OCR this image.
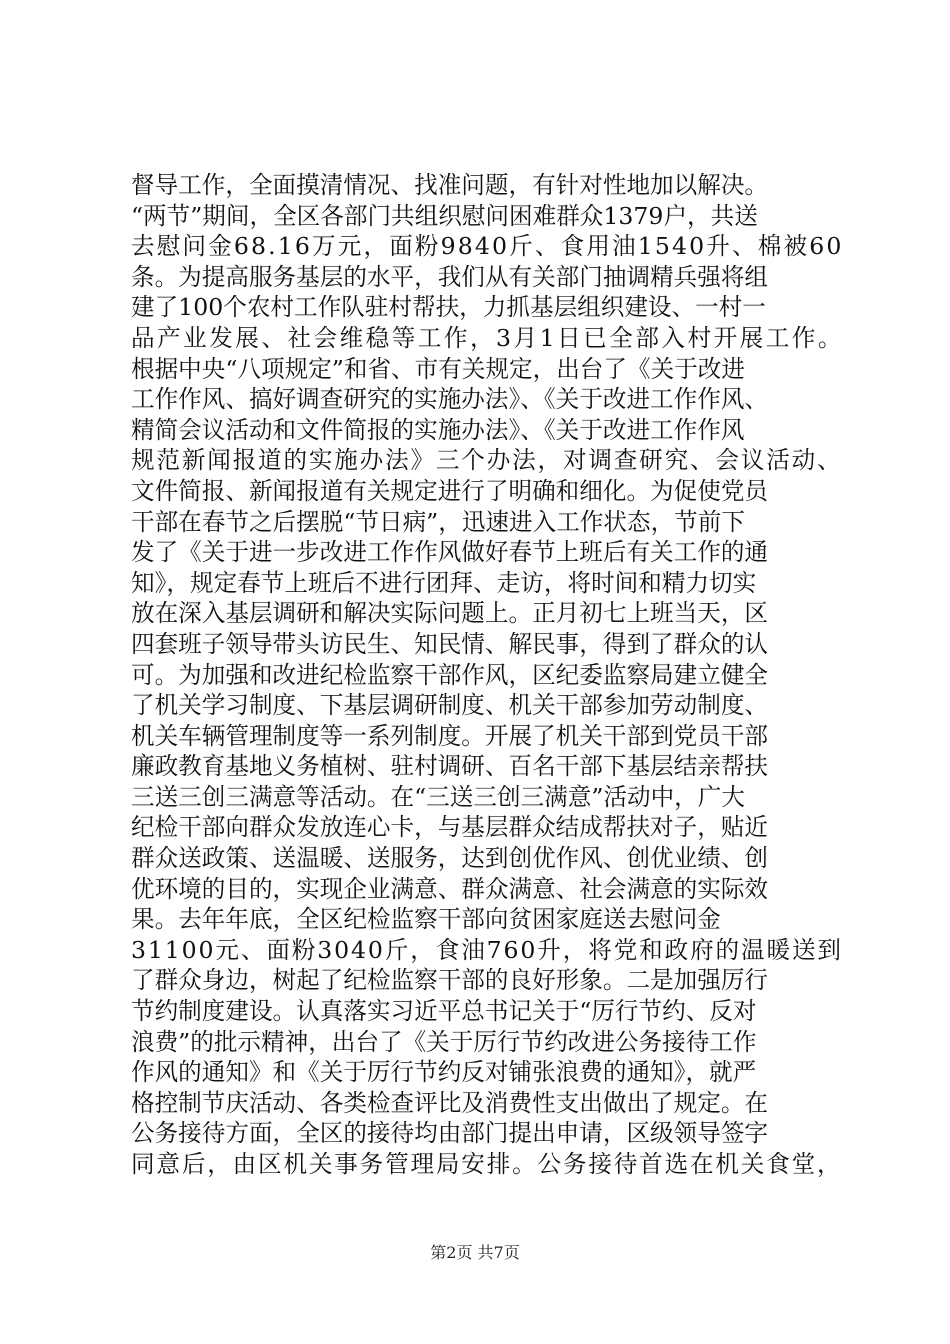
督导工作，全面摸清情况、找准问题，有针对性地加以解决。
“两节”期间，全区各部门共组织慰问困难群众1379户，共送
去慰问金68.16万元，面粉9840斤、食用油1540升、棉被60
条。为提高服务基层的水平，我们从有关部门抽调精兵强将组
建了100个农村工作队驻村帮扶，力抓基层组织建设、一村一
品产业发展、社会维稳等工作，3月1日已全部入村开展工作。
根据中央“八项规定”和省、市有关规定，出台了《关于改进
工作作风、搞好调查研究的实施办法》、《关于改进工作作风、
精简会议活动和文件简报的实施办法》、《关于改进工作作风
规范新闻报道的实施办法》三个办法，对调查研究、会议活动、
文件简报、新闻报道有关规定进行了明确和细化。为促使党员
干部在春节之后摆脱“节日病”，迅速进入工作状态，节前下
发了《关于进一步改进工作作风做好春节上班后有关工作的通
知》，规定春节上班后不进行团拜、走访，将时间和精力切实
放在深入基层调研和解决实际问题上。正月初七上班当天，区
四套班子领导带头访民生、知民情、解民事，得到了群众的认
可。为加强和改进纪检监察干部作风，区纪委监察局建立健全
了机关学习制度、下基层调研制度、机关干部参加劳动制度、
机关车辆管理制度等一系列制度。开展了机关干部到党员干部
廉政教育基地义务植树、驻村调研、百名干部下基层结亲帮扶
三送三创三满意等活动。在“三送三创三满意”活动中，广大
纪检干部向群众发放连心卡，与基层群众结成帮扶对子，贴近
群众送政策、送温暖、送服务，达到创优作风、创优业绩、创
优环境的目的，实现企业满意、群众满意、社会满意的实际效
果。去年年底，全区纪检监察干部向贫困家庭送去慰问金
31100元、面粉3040斤，食油760升，将党和政府的温暖送到
了群众身边，树起了纪检监察干部的良好形象。二是加强厉行
节约制度建设。认真落实习近平总书记关于“厉行节约、反对
浪费”的批示精神，出台了《关于厉行节约改进公务接待工作
作风的通知》和《关于厉行节约反对铺张浪费的通知》，就严
格控制节庆活动、各类检查评比及消费性支出做出了规定。在
公务接待方面，全区的接待均由部门提出申请，区级领导签字
同意后，由区机关事务管理局安排。公务接待首选在机关食堂，
第2页 共7页
